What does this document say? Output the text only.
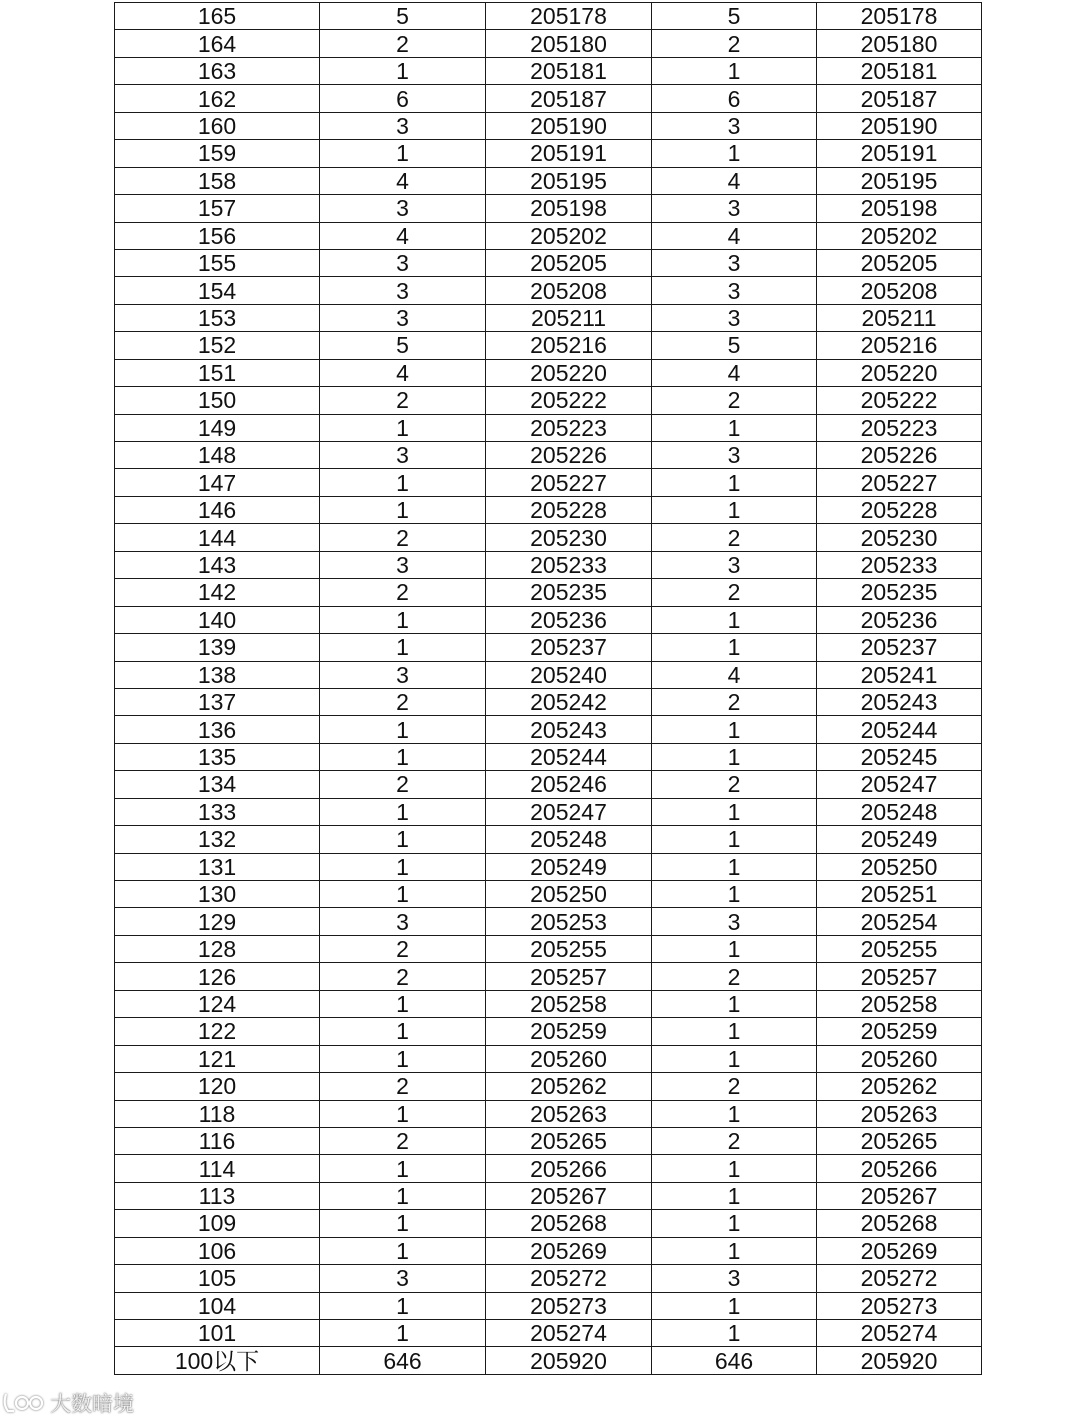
165	5	205178	5	205178
164	2	205180	2	205180
163	1	205181	1	205181
162	6	205187	6	205187
160	3	205190	3	205190
159	1	205191	1	205191
158	4	205195	4	205195
157	3	205198	3	205198
156	4	205202	4	205202
155	3	205205	3	205205
154	3	205208	3	205208
153	3	205211	3	205211
152	5	205216	5	205216
151	4	205220	4	205220
150	2	205222	2	205222
149	1	205223	1	205223
148	3	205226	3	205226
147	1	205227	1	205227
146	1	205228	1	205228
144	2	205230	2	205230
143	3	205233	3	205233
142	2	205235	2	205235
140	1	205236	1	205236
139	1	205237	1	205237
138	3	205240	4	205241
137	2	205242	2	205243
136	1	205243	1	205244
135	1	205244	1	205245
134	2	205246	2	205247
133	1	205247	1	205248
132	1	205248	1	205249
131	1	205249	1	205250
130	1	205250	1	205251
129	3	205253	3	205254
128	2	205255	1	205255
126	2	205257	2	205257
124	1	205258	1	205258
122	1	205259	1	205259
121	1	205260	1	205260
120	2	205262	2	205262
118	1	205263	1	205263
116	2	205265	2	205265
114	1	205266	1	205266
113	1	205267	1	205267
109	1	205268	1	205268
106	1	205269	1	205269
105	3	205272	3	205272
104	1	205273	1	205273
101	1	205274	1	205274
100以下	646	205920	646	205920
大数暗境
